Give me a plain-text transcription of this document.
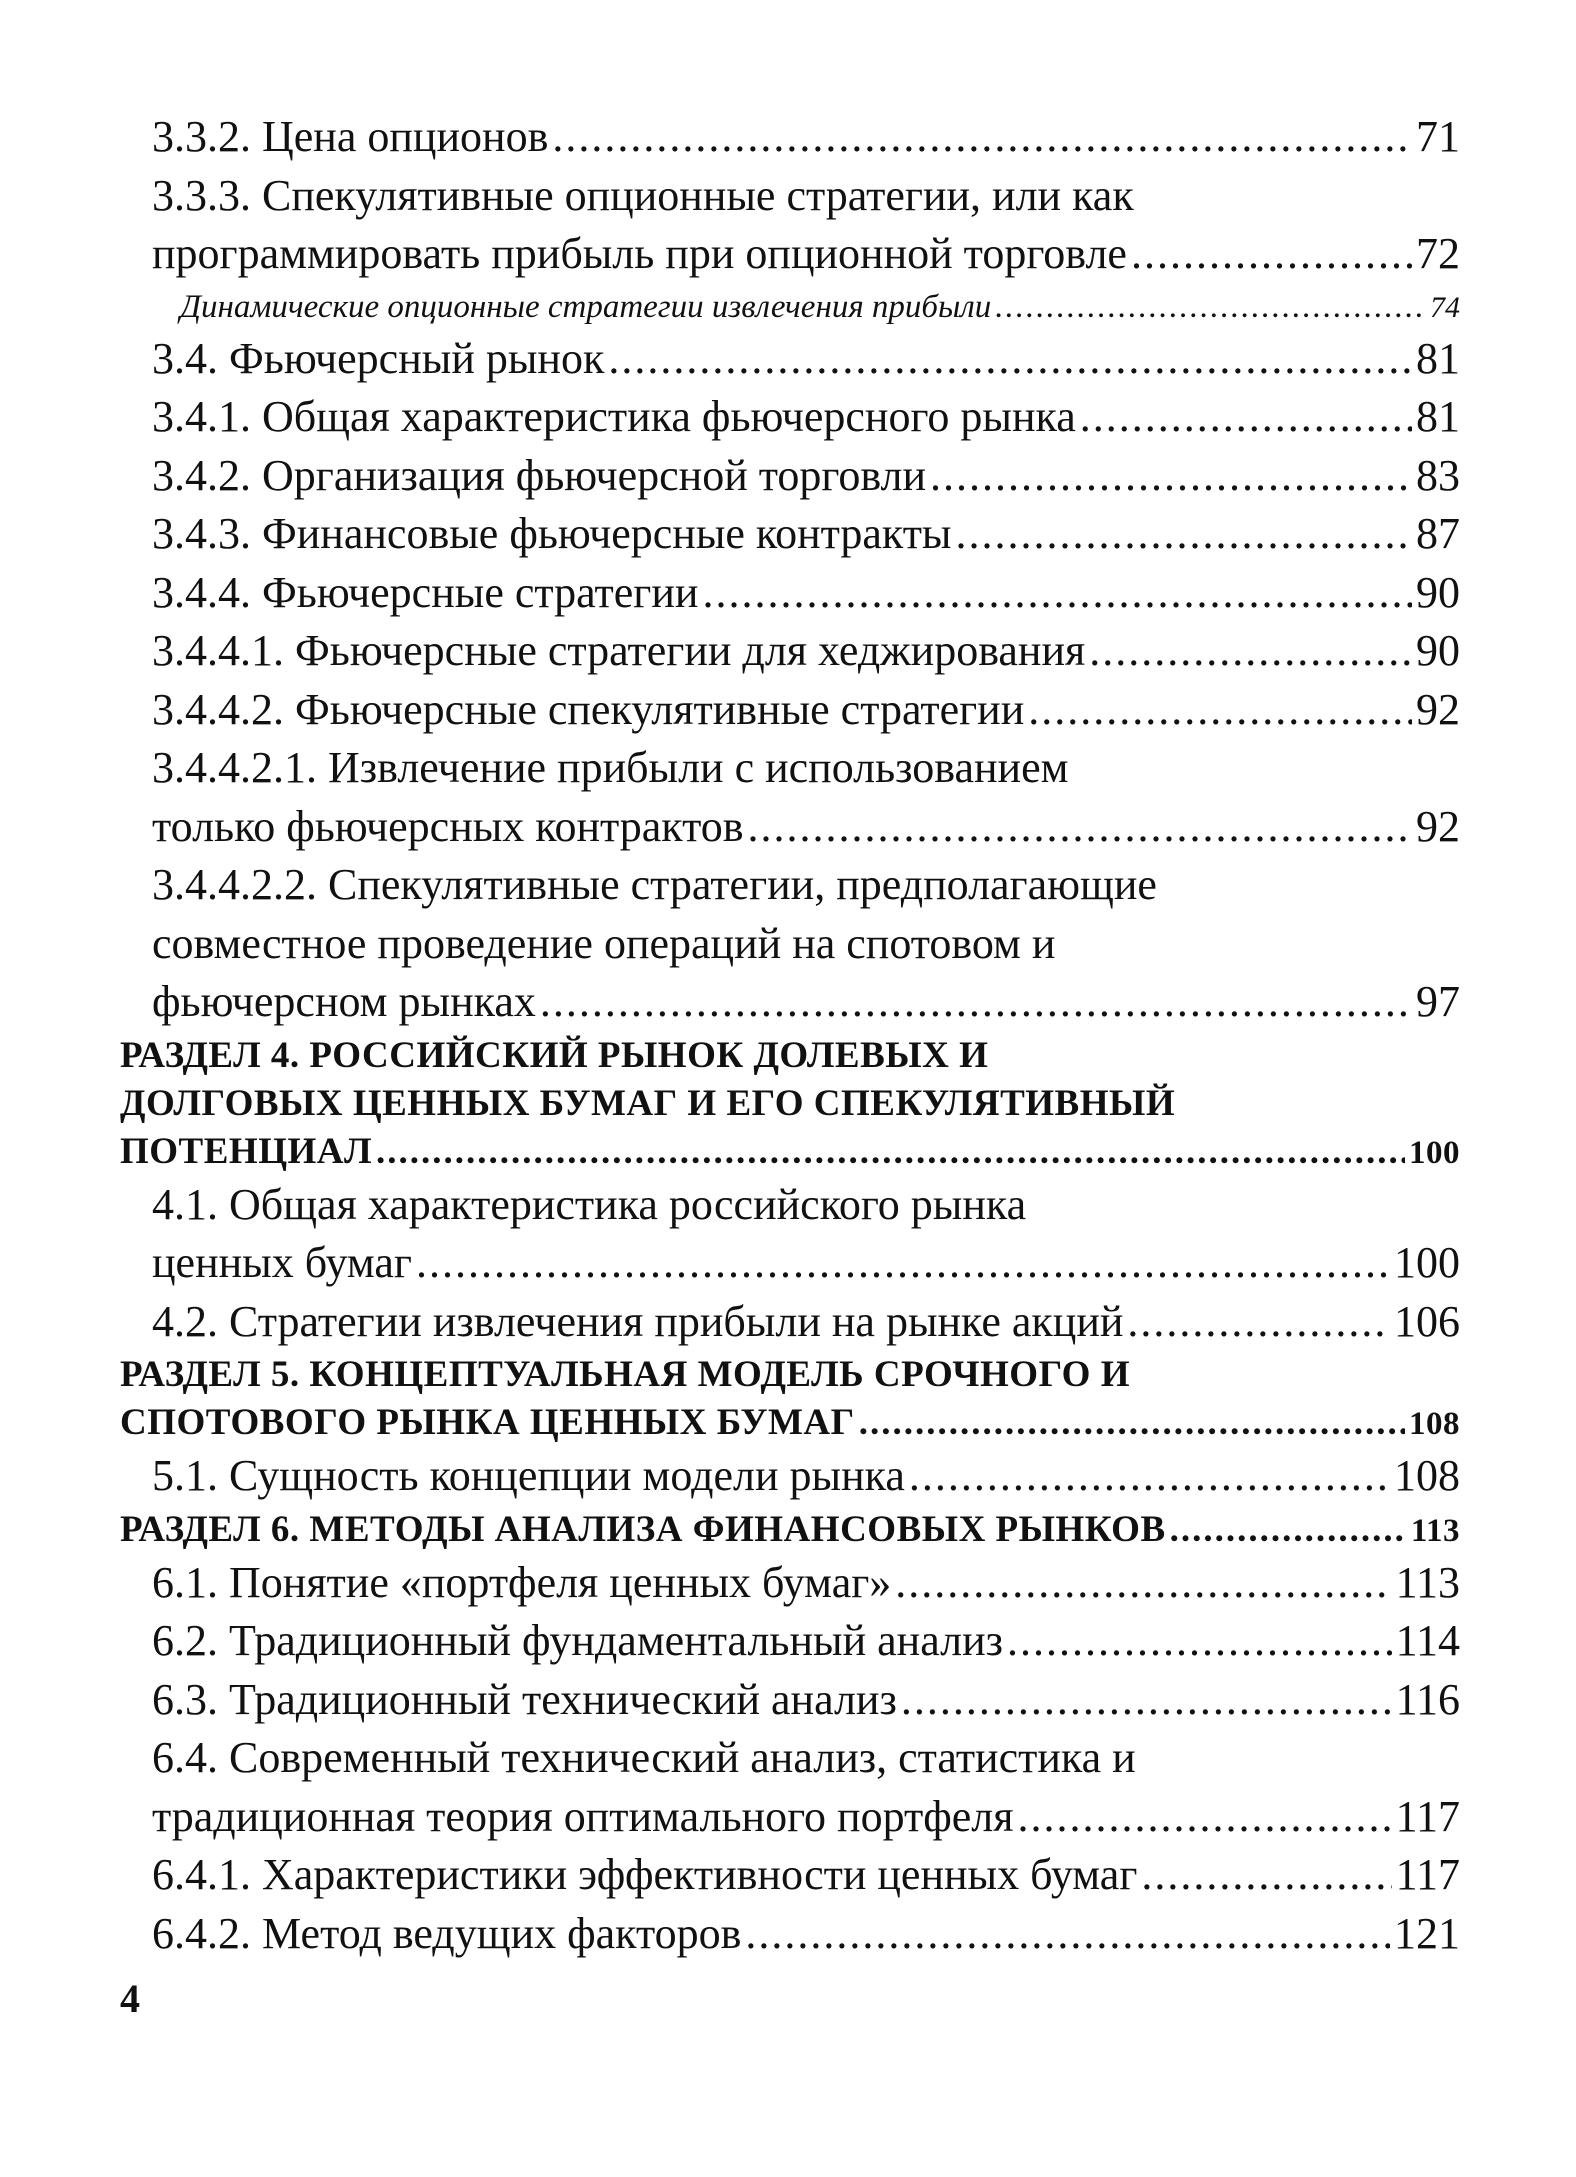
3.3.2. Цена опционов .....	71
3.3.3. Спекулятивные опционные стратегии, или как
программировать прибыль при опционной торговле .....	72
Динамические опционные стратегии извлечения прибыли .....	74
3.4. Фьючерсный рынок .....	81
3.4.1. Общая характеристика фьючерсного рынка .....	81
3.4.2. Организация фьючерсной торговли .....	83
3.4.3. Финансовые фьючерсные контракты .....	87
3.4.4. Фьючерсные стратегии .....	90
3.4.4.1. Фьючерсные стратегии для хеджирования .....	90
3.4.4.2. Фьючерсные спекулятивные стратегии .....	92
3.4.4.2.1. Извлечение прибыли с использованием
только фьючерсных контрактов .....	92
3.4.4.2.2. Спекулятивные стратегии, предполагающие
совместное проведение операций на спотовом и
фьючерсном рынках .....	97
РАЗДЕЛ 4. РОССИЙСКИЙ РЫНОК ДОЛЕВЫХ И
ДОЛГОВЫХ ЦЕННЫХ БУМАГ И ЕГО СПЕКУЛЯТИВНЫЙ
ПОТЕНЦИАЛ .....	100
4.1. Общая характеристика российского рынка
ценных бумаг .....	100
4.2. Стратегии извлечения прибыли на рынке акций .....	106
РАЗДЕЛ 5. КОНЦЕПТУАЛЬНАЯ МОДЕЛЬ СРОЧНОГО И
СПОТОВОГО РЫНКА ЦЕННЫХ БУМАГ .....	108
5.1. Сущность концепции модели рынка .....	108
РАЗДЕЛ 6. МЕТОДЫ АНАЛИЗА ФИНАНСОВЫХ РЫНКОВ .....	113
6.1. Понятие «портфеля ценных бумаг» .....	113
6.2. Традиционный фундаментальный анализ .....	114
6.3. Традиционный технический анализ .....	116
6.4. Современный технический анализ, статистика и
традиционная теория оптимального портфеля .....	117
6.4.1. Характеристики эффективности ценных бумаг .....	117
6.4.2. Метод ведущих факторов .....	121
4
